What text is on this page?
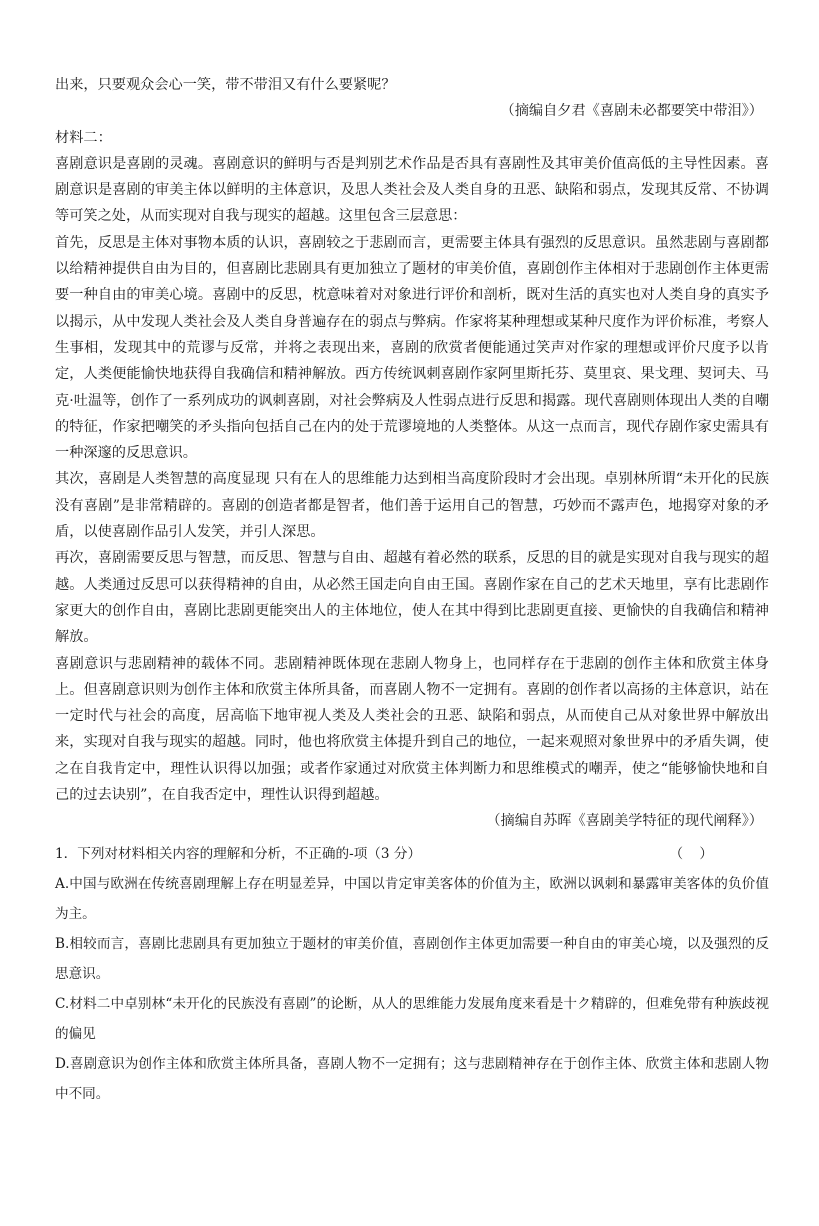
出来，只要观众会心一笑，带不带泪又有什么要紧呢？

（摘编自夕君《喜剧未必都要笑中带泪》）

材料二：

喜剧意识是喜剧的灵魂。喜剧意识的鲜明与否是判别艺术作品是否具有喜剧性及其审美价值高低的主导性因素。喜剧意识是喜剧的审美主体以鲜明的主体意识，及思人类社会及人类自身的丑恶、缺陷和弱点，发现其反常、不协调等可笑之处，从而实现对自我与现实的超越。这里包含三层意思：

首先，反思是主体对事物本质的认识，喜剧较之于悲剧而言，更需要主体具有强烈的反思意识。虽然悲剧与喜剧都以给精神提供自由为目的，但喜剧比悲剧具有更加独立了题材的审美价值，喜剧创作主体相对于悲剧创作主体更需要一种自由的审美心境。喜剧中的反思，枕意味着对对象进行评价和剖析，既对生活的真实也对人类自身的真实予以揭示，从中发现人类社会及人类自身普遍存在的弱点与弊病。作家将某种理想或某种尺度作为评价标准，考察人生事相，发现其中的荒谬与反常，并将之表现出来，喜剧的欣赏者便能通过笑声对作家的理想或评价尺度予以肯定，人类便能愉快地获得自我确信和精神解放。西方传统讽刺喜剧作家阿里斯托芬、莫里哀、果戈理、契诃夫、马克·吐温等，创作了一系列成功的讽刺喜剧，对社会弊病及人性弱点进行反思和揭露。现代喜剧则体现出人类的自嘲的特征，作家把嘲笑的矛头指向包括自己在内的处于荒谬境地的人类整体。从这一点而言，现代存剧作家史需具有一种深邃的反思意识。

其次，喜剧是人类智慧的高度显现 只有在人的思维能力达到相当高度阶段时才会出现。卓别林所谓“未开化的民族没有喜剧”是非常精辟的。喜剧的创造者都是智者，他们善于运用自己的智慧，巧妙而不露声色，地揭穿对象的矛盾，以使喜剧作品引人发笑，并引人深思。

再次，喜剧需要反思与智慧，而反思、智慧与自由、超越有着必然的联系，反思的目的就是实现对自我与现实的超越。人类通过反思可以获得精神的自由，从必然王国走向自由王国。喜剧作家在自己的艺术天地里，享有比悲剧作家更大的创作自由，喜剧比悲剧更能突出人的主体地位，使人在其中得到比悲剧更直接、更愉快的自我确信和精神解放。

喜剧意识与悲剧精神的载体不同。悲剧精神既体现在悲剧人物身上，也同样存在于悲剧的创作主体和欣赏主体身上。但喜剧意识则为创作主体和欣赏主体所具备，而喜剧人物不一定拥有。喜剧的创作者以高扬的主体意识，站在一定时代与社会的高度，居高临下地审视人类及人类社会的丑恶、缺陷和弱点，从而使自己从对象世界中解放出来，实现对自我与现实的超越。同时，他也将欣赏主体提升到自己的地位，一起来观照对象世界中的矛盾失调，使之在自我肯定中，理性认识得以加强；或者作家通过对欣赏主体判断力和思维模式的嘲弄，使之“能够愉快地和自己的过去诀别”，在自我否定中，理性认识得到超越。

（摘编自苏晖《喜剧美学特征的现代阐释》）

1．下列对材料相关内容的理解和分析，不正确的-项（3 分）	（ ）

A.中国与欧洲在传统喜剧理解上存在明显差异，中国以肯定审美客体的价值为主，欧洲以讽刺和暴露审美客体的负价值为主。

B.相较而言，喜剧比悲剧具有更加独立于题材的审美价值，喜剧创作主体更加需要一种自由的审美心境，以及强烈的反思意识。

C.材料二中卓别林“未开化的民族没有喜剧”的论断，从人的思维能力发展角度来看是十ク精辟的，但难免带有种族歧视的偏见

D.喜剧意识为创作主体和欣赏主体所具备，喜剧人物不一定拥有；这与悲剧精神存在于创作主体、欣赏主体和悲剧人物中不同。
